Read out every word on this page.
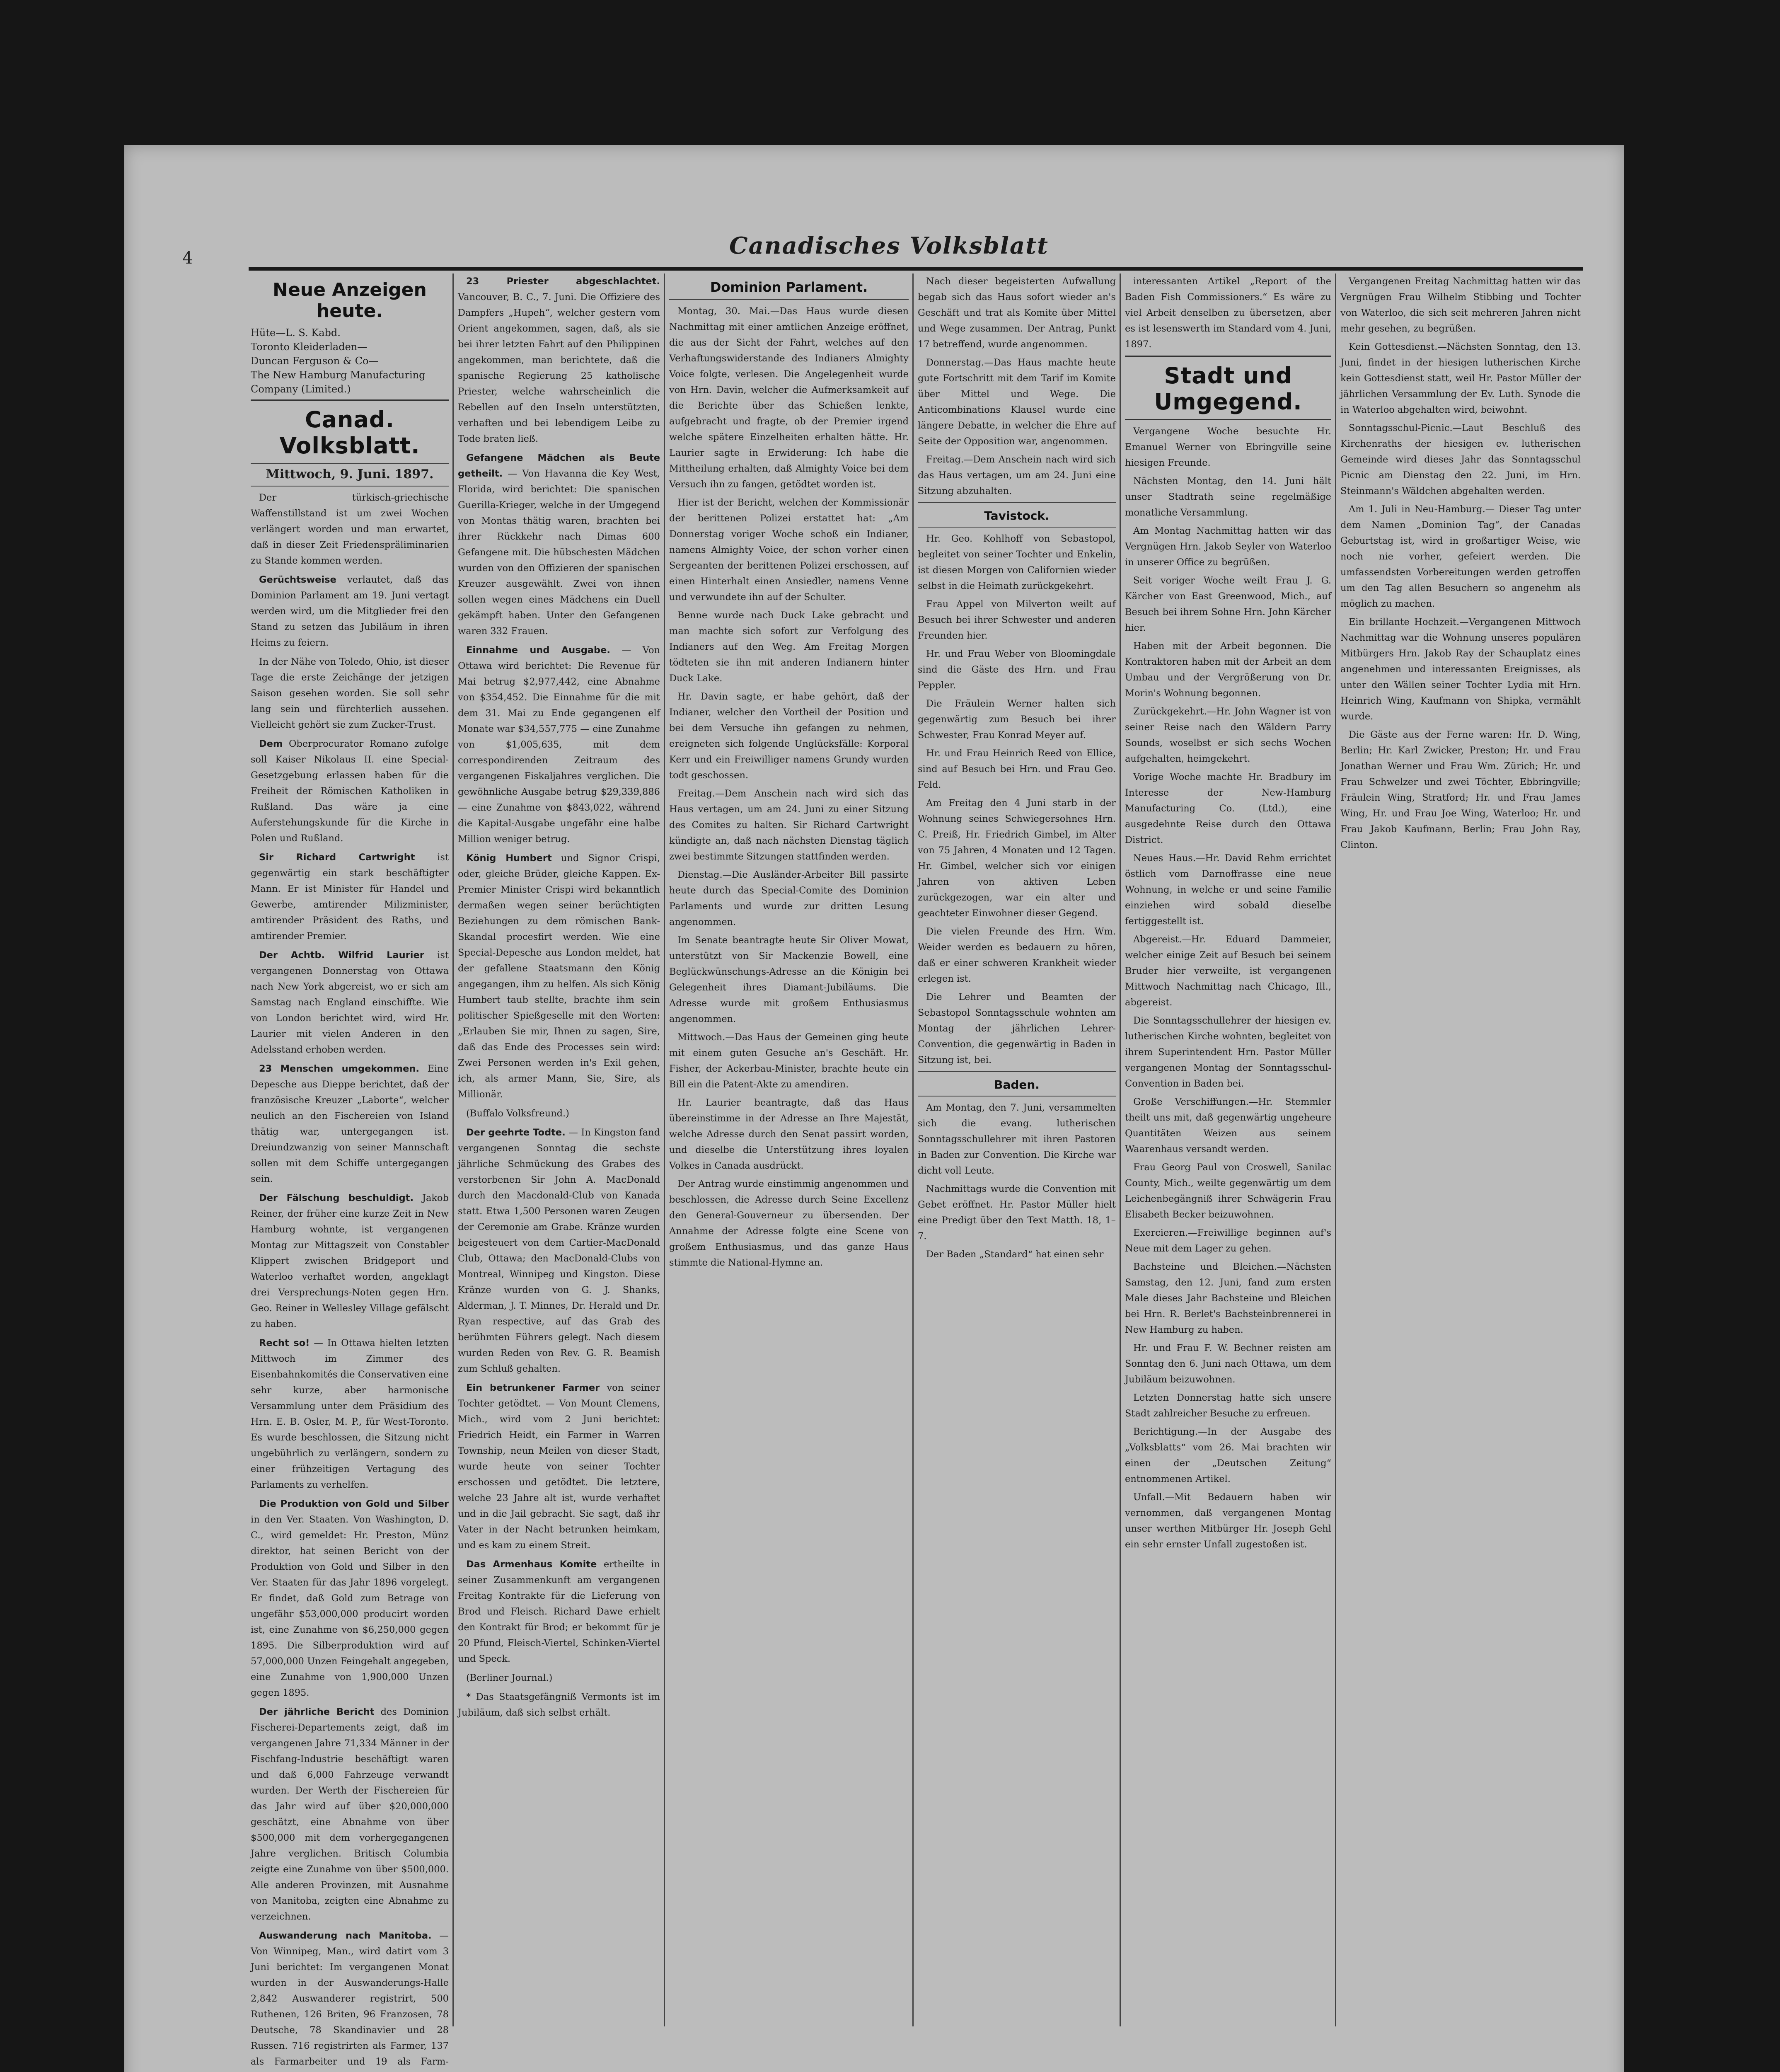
4	Canadisches Volksblatt
Neue Anzeigen heute.

Hüte—L. S. Kabd.

Toronto Kleiderladen—

Duncan Ferguson & Co—

The New Hamburg Manufacturing Company (Limited.)

Canad. Volksblatt.
Mittwoch, 9. Juni. 1897.

Der türkisch-griechische Waffenstillstand ist um zwei Wochen verlängert worden und man erwartet, daß in dieser Zeit Friedenspräliminarien zu Stande kommen werden.

Gerüchtsweise verlautet, daß das Dominion Parlament am 19. Juni vertagt werden wird, um die Mitglieder frei den Stand zu setzen das Jubiläum in ihren Heims zu feiern.

In der Nähe von Toledo, Ohio, ist dieser Tage die erste Zeichänge der jetzigen Saison gesehen worden. Sie soll sehr lang sein und fürchterlich aussehen. Vielleicht gehört sie zum Zucker-Trust.

Dem Oberprocurator Romano zufolge soll Kaiser Nikolaus II. eine Special-Gesetzgebung erlassen haben für die Freiheit der Römischen Katholiken in Rußland. Das wäre ja eine Auferstehungskunde für die Kirche in Polen und Rußland.

Sir Richard Cartwright ist gegenwärtig ein stark beschäftigter Mann. Er ist Minister für Handel und Gewerbe, amtirender Milizminister, amtirender Präsident des Raths, und amtirender Premier.

Der Achtb. Wilfrid Laurier ist vergangenen Donnerstag von Ottawa nach New York abgereist, wo er sich am Samstag nach England einschiffte. Wie von London berichtet wird, wird Hr. Laurier mit vielen Anderen in den Adelsstand erhoben werden.

23 Menschen umgekommen. Eine Depesche aus Dieppe berichtet, daß der französische Kreuzer „Laborte“, welcher neulich an den Fischereien von Island thätig war, untergegangen ist. Dreiundzwanzig von seiner Mannschaft sollen mit dem Schiffe untergegangen sein.

Der Fälschung beschuldigt. Jakob Reiner, der früher eine kurze Zeit in New Hamburg wohnte, ist vergangenen Montag zur Mittagszeit von Constabler Klippert zwischen Bridgeport und Waterloo verhaftet worden, angeklagt drei Versprechungs-Noten gegen Hrn. Geo. Reiner in Wellesley Village gefälscht zu haben.

Recht so! — In Ottawa hielten letzten Mittwoch im Zimmer des Eisenbahnkomités die Conservativen eine sehr kurze, aber harmonische Versammlung unter dem Präsidium des Hrn. E. B. Osler, M. P., für West-Toronto. Es wurde beschlossen, die Sitzung nicht ungebührlich zu verlängern, sondern zu einer frühzeitigen Vertagung des Parlaments zu verhelfen.

Die Produktion von Gold und Silber in den Ver. Staaten. Von Washington, D. C., wird gemeldet: Hr. Preston, Münz direktor, hat seinen Bericht von der Produktion von Gold und Silber in den Ver. Staaten für das Jahr 1896 vorgelegt. Er findet, daß Gold zum Betrage von ungefähr $53,000,000 producirt worden ist, eine Zunahme von $6,250,000 gegen 1895. Die Silberproduktion wird auf 57,000,000 Unzen Feingehalt angegeben, eine Zunahme von 1,900,000 Unzen gegen 1895.

Der jährliche Bericht des Dominion Fischerei-Departements zeigt, daß im vergangenen Jahre 71,334 Männer in der Fischfang-Industrie beschäftigt waren und daß 6,000 Fahrzeuge verwandt wurden. Der Werth der Fischereien für das Jahr wird auf über $20,000,000 geschätzt, eine Abnahme von über $500,000 mit dem vorhergegangenen Jahre verglichen. Britisch Columbia zeigte eine Zunahme von über $500,000. Alle anderen Provinzen, mit Ausnahme von Manitoba, zeigten eine Abnahme zu verzeichnen.

Auswanderung nach Manitoba. — Von Winnipeg, Man., wird datirt vom 3 Juni berichtet: Im vergangenen Monat wurden in der Auswanderungs-Halle 2,842 Auswanderer registrirt, 500 Ruthenen, 126 Briten, 96 Franzosen, 78 Deutsche, 78 Skandinavier und 28 Russen. 716 registrirten als Farmer, 137 als Farmarbeiter und 19 als Farm-

23 Priester abgeschlachtet. Vancouver, B. C., 7. Juni. Die Offiziere des Dampfers „Hupeh“, welcher gestern vom Orient angekommen, sagen, daß, als sie bei ihrer letzten Fahrt auf den Philippinen angekommen, man berichtete, daß die spanische Regierung 25 katholische Priester, welche wahrscheinlich die Rebellen auf den Inseln unterstützten, verhaften und bei lebendigem Leibe zu Tode braten ließ.

Gefangene Mädchen als Beute getheilt. — Von Havanna die Key West, Florida, wird berichtet: Die spanischen Guerilla-Krieger, welche in der Umgegend von Montas thätig waren, brachten bei ihrer Rückkehr nach Dimas 600 Gefangene mit. Die hübschesten Mädchen wurden von den Offizieren der spanischen Kreuzer ausgewählt. Zwei von ihnen sollen wegen eines Mädchens ein Duell gekämpft haben. Unter den Gefangenen waren 332 Frauen.

Einnahme und Ausgabe. — Von Ottawa wird berichtet: Die Revenue für Mai betrug $2,977,442, eine Abnahme von $354,452. Die Einnahme für die mit dem 31. Mai zu Ende gegangenen elf Monate war $34,557,775 — eine Zunahme von $1,005,635, mit dem correspondirenden Zeitraum des vergangenen Fiskaljahres verglichen. Die gewöhnliche Ausgabe betrug $29,339,886 — eine Zunahme von $843,022, während die Kapital-Ausgabe ungefähr eine halbe Million weniger betrug.

König Humbert und Signor Crispi, oder, gleiche Brüder, gleiche Kappen. Ex-Premier Minister Crispi wird bekanntlich dermaßen wegen seiner berüchtigten Beziehungen zu dem römischen Bank-Skandal procesfirt werden. Wie eine Special-Depesche aus London meldet, hat der gefallene Staatsmann den König angegangen, ihm zu helfen. Als sich König Humbert taub stellte, brachte ihm sein politischer Spießgeselle mit den Worten: „Erlauben Sie mir, Ihnen zu sagen, Sire, daß das Ende des Processes sein wird: Zwei Personen werden in's Exil gehen, ich, als armer Mann, Sie, Sire, als Millionär.

(Buffalo Volksfreund.)

Der geehrte Todte. — In Kingston fand vergangenen Sonntag die sechste jährliche Schmückung des Grabes des verstorbenen Sir John A. MacDonald durch den Macdonald-Club von Kanada statt. Etwa 1,500 Personen waren Zeugen der Ceremonie am Grabe. Kränze wurden beigesteuert von dem Cartier-MacDonald Club, Ottawa; den MacDonald-Clubs von Montreal, Winnipeg und Kingston. Diese Kränze wurden von G. J. Shanks, Alderman, J. T. Minnes, Dr. Herald und Dr. Ryan respective, auf das Grab des berühmten Führers gelegt. Nach diesem wurden Reden von Rev. G. R. Beamish zum Schluß gehalten.

Ein betrunkener Farmer von seiner Tochter getödtet. — Von Mount Clemens, Mich., wird vom 2 Juni berichtet: Friedrich Heidt, ein Farmer in Warren Township, neun Meilen von dieser Stadt, wurde heute von seiner Tochter erschossen und getödtet. Die letztere, welche 23 Jahre alt ist, wurde verhaftet und in die Jail gebracht. Sie sagt, daß ihr Vater in der Nacht betrunken heimkam, und es kam zu einem Streit.

Das Armenhaus Komite ertheilte in seiner Zusammenkunft am vergangenen Freitag Kontrakte für die Lieferung von Brod und Fleisch. Richard Dawe erhielt den Kontrakt für Brod; er bekommt für je 20 Pfund, Fleisch-Viertel, Schinken-Viertel und Speck.

(Berliner Journal.)

* Das Staatsgefängniß Vermonts ist im Jubiläum, daß sich selbst erhält.

Dominion Parlament.

Montag, 30. Mai.—Das Haus wurde diesen Nachmittag mit einer amtlichen Anzeige eröffnet, die aus der Sicht der Fahrt, welches auf den Verhaftungswiderstande des Indianers Almighty Voice folgte, verlesen. Die Angelegenheit wurde von Hrn. Davin, welcher die Aufmerksamkeit auf die Berichte über das Schießen lenkte, aufgebracht und fragte, ob der Premier irgend welche spätere Einzelheiten erhalten hätte. Hr. Laurier sagte in Erwiderung: Ich habe die Mittheilung erhalten, daß Almighty Voice bei dem Versuch ihn zu fangen, getödtet worden ist.

Hier ist der Bericht, welchen der Kommissionär der berittenen Polizei erstattet hat: „Am Donnerstag voriger Woche schoß ein Indianer, namens Almighty Voice, der schon vorher einen Sergeanten der berittenen Polizei erschossen, auf einen Hinterhalt einen Ansiedler, namens Venne und verwundete ihn auf der Schulter.

Benne wurde nach Duck Lake gebracht und man machte sich sofort zur Verfolgung des Indianers auf den Weg. Am Freitag Morgen tödteten sie ihn mit anderen Indianern hinter Duck Lake.

Hr. Davin sagte, er habe gehört, daß der Indianer, welcher den Vortheil der Position und bei dem Versuche ihn gefangen zu nehmen, ereigneten sich folgende Unglücksfälle: Korporal Kerr und ein Freiwilliger namens Grundy wurden todt geschossen.

Freitag.—Dem Anschein nach wird sich das Haus vertagen, um am 24. Juni zu einer Sitzung des Comites zu halten. Sir Richard Cartwright kündigte an, daß nach nächsten Dienstag täglich zwei bestimmte Sitzungen stattfinden werden.

Dienstag.—Die Ausländer-Arbeiter Bill passirte heute durch das Special-Comite des Dominion Parlaments und wurde zur dritten Lesung angenommen.

Im Senate beantragte heute Sir Oliver Mowat, unterstützt von Sir Mackenzie Bowell, eine Beglückwünschungs-Adresse an die Königin bei Gelegenheit ihres Diamant-Jubiläums. Die Adresse wurde mit großem Enthusiasmus angenommen.

Mittwoch.—Das Haus der Gemeinen ging heute mit einem guten Gesuche an's Geschäft. Hr. Fisher, der Ackerbau-Minister, brachte heute ein Bill ein die Patent-Akte zu amendiren.

Hr. Laurier beantragte, daß das Haus übereinstimme in der Adresse an Ihre Majestät, welche Adresse durch den Senat passirt worden, und dieselbe die Unterstützung ihres loyalen Volkes in Canada ausdrückt.

Der Antrag wurde einstimmig angenommen und beschlossen, die Adresse durch Seine Excellenz den General-Gouverneur zu übersenden. Der Annahme der Adresse folgte eine Scene von großem Enthusiasmus, und das ganze Haus stimmte die National-Hymne an.

Nach dieser begeisterten Aufwallung begab sich das Haus sofort wieder an's Geschäft und trat als Komite über Mittel und Wege zusammen. Der Antrag, Punkt 17 betreffend, wurde angenommen.

Donnerstag.—Das Haus machte heute gute Fortschritt mit dem Tarif im Komite über Mittel und Wege. Die Anticombinations Klausel wurde eine längere Debatte, in welcher die Ehre auf Seite der Opposition war, angenommen.

Freitag.—Dem Anschein nach wird sich das Haus vertagen, um am 24. Juni eine Sitzung abzuhalten.

Tavistock.

Hr. Geo. Kohlhoff von Sebastopol, begleitet von seiner Tochter und Enkelin, ist diesen Morgen von Californien wieder selbst in die Heimath zurückgekehrt.

Frau Appel von Milverton weilt auf Besuch bei ihrer Schwester und anderen Freunden hier.

Hr. und Frau Weber von Bloomingdale sind die Gäste des Hrn. und Frau Peppler.

Die Fräulein Werner halten sich gegenwärtig zum Besuch bei ihrer Schwester, Frau Konrad Meyer auf.

Hr. und Frau Heinrich Reed von Ellice, sind auf Besuch bei Hrn. und Frau Geo. Feld.

Am Freitag den 4 Juni starb in der Wohnung seines Schwiegersohnes Hrn. C. Preiß, Hr. Friedrich Gimbel, im Alter von 75 Jahren, 4 Monaten und 12 Tagen. Hr. Gimbel, welcher sich vor einigen Jahren von aktiven Leben zurückgezogen, war ein alter und geachteter Einwohner dieser Gegend.

Die vielen Freunde des Hrn. Wm. Weider werden es bedauern zu hören, daß er einer schweren Krankheit wieder erlegen ist.

Die Lehrer und Beamten der Sebastopol Sonntagsschule wohnten am Montag der jährlichen Lehrer-Convention, die gegenwärtig in Baden in Sitzung ist, bei.

Baden.

Am Montag, den 7. Juni, versammelten sich die evang. lutherischen Sonntagsschullehrer mit ihren Pastoren in Baden zur Convention. Die Kirche war dicht voll Leute.

Nachmittags wurde die Convention mit Gebet eröffnet. Hr. Pastor Müller hielt eine Predigt über den Text Matth. 18, 1–7.

Der Baden „Standard“ hat einen sehr

interessanten Artikel „Report of the Baden Fish Commissioners.“ Es wäre zu viel Arbeit denselben zu übersetzen, aber es ist lesenswerth im Standard vom 4. Juni, 1897.

Stadt und Umgegend.

Vergangene Woche besuchte Hr. Emanuel Werner von Ebringville seine hiesigen Freunde.

Nächsten Montag, den 14. Juni hält unser Stadtrath seine regelmäßige monatliche Versammlung.

Am Montag Nachmittag hatten wir das Vergnügen Hrn. Jakob Seyler von Waterloo in unserer Office zu begrüßen.

Seit voriger Woche weilt Frau J. G. Kärcher von East Greenwood, Mich., auf Besuch bei ihrem Sohne Hrn. John Kärcher hier.

Haben mit der Arbeit begonnen. Die Kontraktoren haben mit der Arbeit an dem Umbau und der Vergrößerung von Dr. Morin's Wohnung begonnen.

Zurückgekehrt.—Hr. John Wagner ist von seiner Reise nach den Wäldern Parry Sounds, woselbst er sich sechs Wochen aufgehalten, heimgekehrt.

Vorige Woche machte Hr. Bradbury im Interesse der New-Hamburg Manufacturing Co. (Ltd.), eine ausgedehnte Reise durch den Ottawa District.

Neues Haus.—Hr. David Rehm errichtet östlich vom Darnoffrasse eine neue Wohnung, in welche er und seine Familie einziehen wird sobald dieselbe fertiggestellt ist.

Abgereist.—Hr. Eduard Dammeier, welcher einige Zeit auf Besuch bei seinem Bruder hier verweilte, ist vergangenen Mittwoch Nachmittag nach Chicago, Ill., abgereist.

Die Sonntagsschullehrer der hiesigen ev. lutherischen Kirche wohnten, begleitet von ihrem Superintendent Hrn. Pastor Müller vergangenen Montag der Sonntagsschul-Convention in Baden bei.

Große Verschiffungen.—Hr. Stemmler theilt uns mit, daß gegenwärtig ungeheure Quantitäten Weizen aus seinem Waarenhaus versandt werden.

Frau Georg Paul von Croswell, Sanilac County, Mich., weilte gegenwärtig um dem Leichenbegängniß ihrer Schwägerin Frau Elisabeth Becker beizuwohnen.

Exercieren.—Freiwillige beginnen auf's Neue mit dem Lager zu gehen.

Bachsteine und Bleichen.—Nächsten Samstag, den 12. Juni, fand zum ersten Male dieses Jahr Bachsteine und Bleichen bei Hrn. R. Berlet's Bachsteinbrennerei in New Hamburg zu haben.

Hr. und Frau F. W. Bechner reisten am Sonntag den 6. Juni nach Ottawa, um dem Jubiläum beizuwohnen.

Letzten Donnerstag hatte sich unsere Stadt zahlreicher Besuche zu erfreuen.

Berichtigung.—In der Ausgabe des „Volksblatts“ vom 26. Mai brachten wir einen der „Deutschen Zeitung“ entnommenen Artikel.

Unfall.—Mit Bedauern haben wir vernommen, daß vergangenen Montag unser werthen Mitbürger Hr. Joseph Gehl ein sehr ernster Unfall zugestoßen ist.

Vergangenen Freitag Nachmittag hatten wir das Vergnügen Frau Wilhelm Stibbing und Tochter von Waterloo, die sich seit mehreren Jahren nicht mehr gesehen, zu begrüßen.

Kein Gottesdienst.—Nächsten Sonntag, den 13. Juni, findet in der hiesigen lutherischen Kirche kein Gottesdienst statt, weil Hr. Pastor Müller der jährlichen Versammlung der Ev. Luth. Synode die in Waterloo abgehalten wird, beiwohnt.

Sonntagsschul-Picnic.—Laut Beschluß des Kirchenraths der hiesigen ev. lutherischen Gemeinde wird dieses Jahr das Sonntagsschul Picnic am Dienstag den 22. Juni, im Hrn. Steinmann's Wäldchen abgehalten werden.

Am 1. Juli in Neu-Hamburg.— Dieser Tag unter dem Namen „Dominion Tag“, der Canadas Geburtstag ist, wird in großartiger Weise, wie noch nie vorher, gefeiert werden. Die umfassendsten Vorbereitungen werden getroffen um den Tag allen Besuchern so angenehm als möglich zu machen.

Ein brillante Hochzeit.—Vergangenen Mittwoch Nachmittag war die Wohnung unseres populären Mitbürgers Hrn. Jakob Ray der Schauplatz eines angenehmen und interessanten Ereignisses, als unter den Wällen seiner Tochter Lydia mit Hrn. Heinrich Wing, Kaufmann von Shipka, vermählt wurde.

Die Gäste aus der Ferne waren: Hr. D. Wing, Berlin; Hr. Karl Zwicker, Preston; Hr. und Frau Jonathan Werner und Frau Wm. Zürich; Hr. und Frau Schwelzer und zwei Töchter, Ebbringville; Fräulein Wing, Stratford; Hr. und Frau James Wing, Hr. und Frau Joe Wing, Waterloo; Hr. und Frau Jakob Kaufmann, Berlin; Frau John Ray, Clinton.
